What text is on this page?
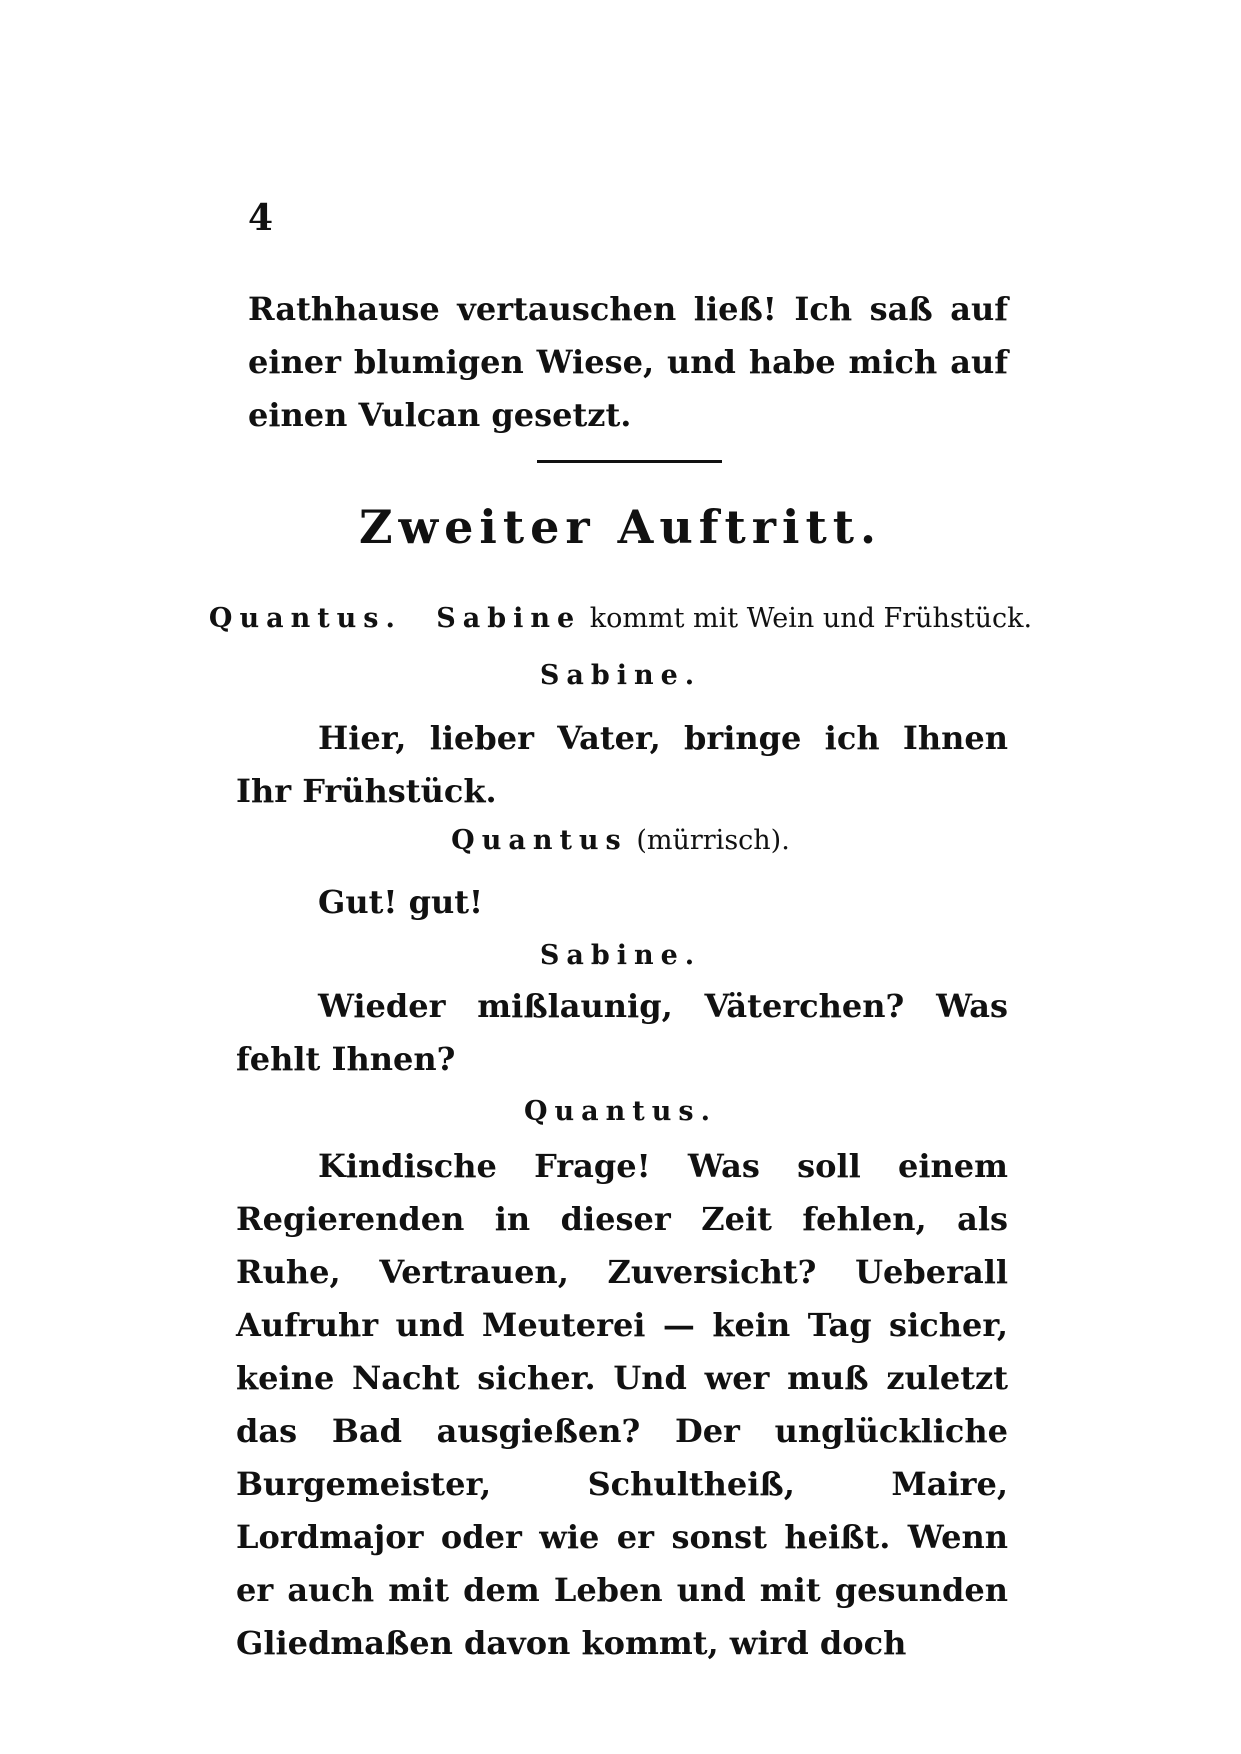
4
Rathhause vertauschen ließ! Ich saß auf einer blumigen Wiese, und habe mich auf einen Vulcan gesetzt.
Zweiter Auftritt.
Quantus. Sabine kommt mit Wein und Frühstück.
Sabine.
Hier, lieber Vater, bringe ich Ihnen Ihr Frühstück.
Quantus (mürrisch).
Gut! gut!
Sabine.
Wieder mißlaunig, Väterchen? Was fehlt Ihnen?
Quantus.
Kindische Frage! Was soll einem Regierenden in dieser Zeit fehlen, als Ruhe, Vertrauen, Zuversicht? Ueberall Aufruhr und Meuterei — kein Tag sicher, keine Nacht sicher. Und wer muß zuletzt das Bad ausgießen? Der unglückliche Burgemeister, Schultheiß, Maire, Lordmajor oder wie er sonst heißt. Wenn er auch mit dem Leben und mit gesunden Gliedmaßen davon kommt, wird doch
